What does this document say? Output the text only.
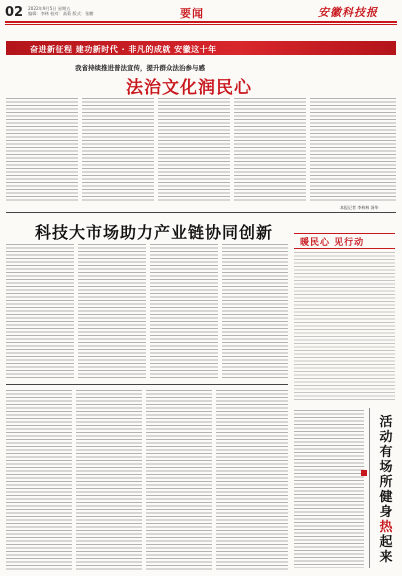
02 2022年9月5日 星期五
编辑：李林 校对：高菊 版式：张鹏	要闻	安徽科技报
奋进新征程 建功新时代 · 非凡的成就 安徽这十年
我省持续推进普法宣传，提升群众法治参与感
法治文化润民心
本报记者 李林林 汤华
科技大市场助力产业链协同创新
暖民心 见行动
活
动
有
场
所
健
身
热
起
来
